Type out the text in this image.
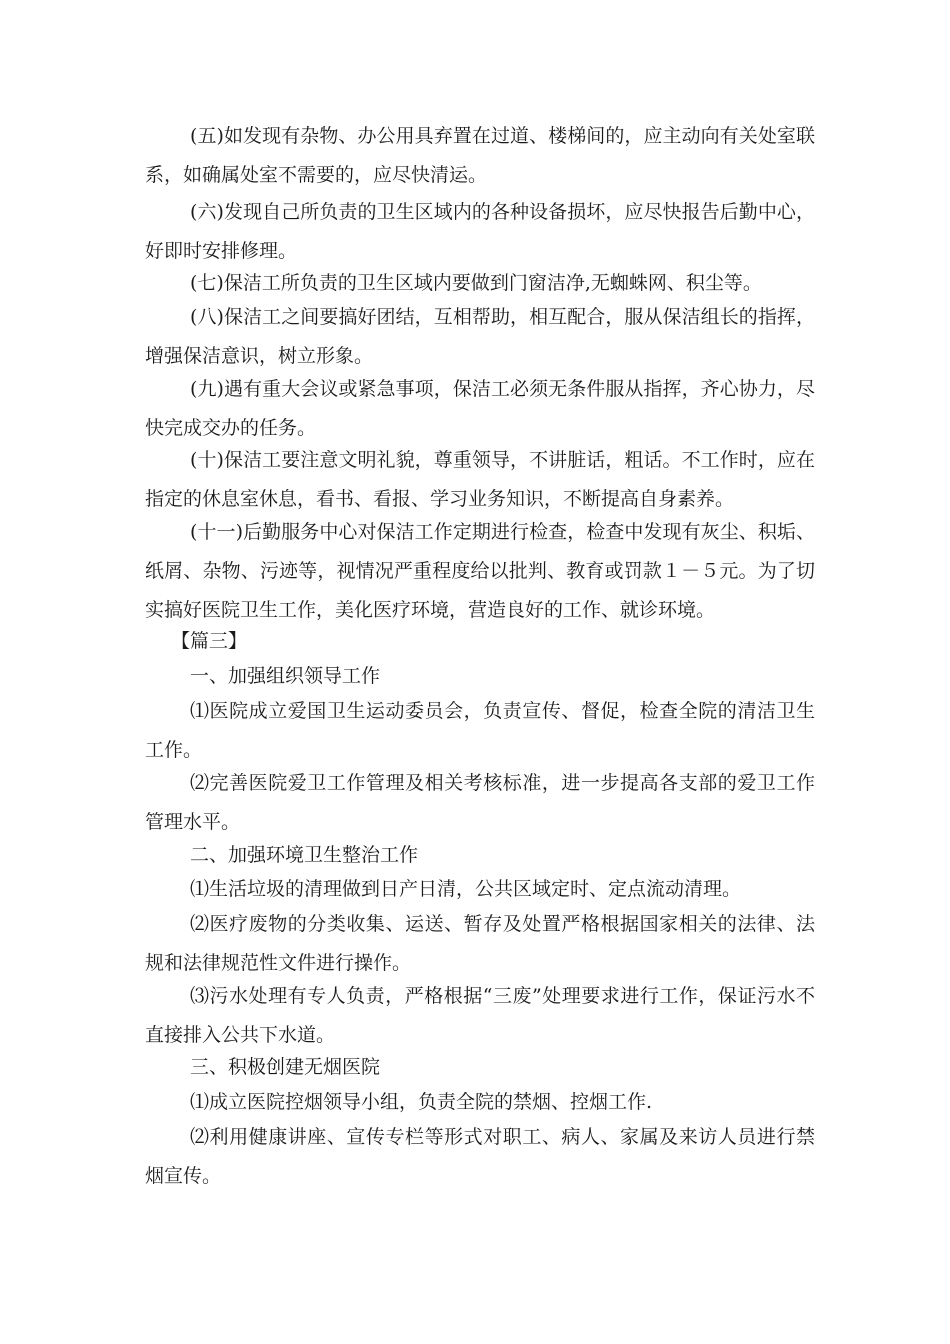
(五)如发现有杂物、办公用具弃置在过道、楼梯间的，应主动向有关处室联系，如确属处室不需要的，应尽快清运。

(六)发现自己所负责的卫生区域内的各种设备损坏，应尽快报告后勤中心，好即时安排修理。

(七)保洁工所负责的卫生区域内要做到门窗洁净,无蜘蛛网、积尘等。

(八)保洁工之间要搞好团结，互相帮助，相互配合，服从保洁组长的指挥，增强保洁意识，树立形象。

(九)遇有重大会议或紧急事项，保洁工必须无条件服从指挥，齐心协力，尽快完成交办的任务。

(十)保洁工要注意文明礼貌，尊重领导，不讲脏话，粗话。不工作时，应在指定的休息室休息，看书、看报、学习业务知识，不断提高自身素养。

(十一)后勤服务中心对保洁工作定期进行检查，检查中发现有灰尘、积垢、纸屑、杂物、污迹等，视情况严重程度给以批判、教育或罚款１－５元。为了切实搞好医院卫生工作，美化医疗环境，营造良好的工作、就诊环境。

【篇三】

一、加强组织领导工作

⑴医院成立爱国卫生运动委员会，负责宣传、督促，检查全院的清洁卫生工作。

⑵完善医院爱卫工作管理及相关考核标准，进一步提高各支部的爱卫工作管理水平。

二、加强环境卫生整治工作

⑴生活垃圾的清理做到日产日清，公共区域定时、定点流动清理。

⑵医疗废物的分类收集、运送、暂存及处置严格根据国家相关的法律、法规和法律规范性文件进行操作。

⑶污水处理有专人负责，严格根据“三废”处理要求进行工作，保证污水不直接排入公共下水道。

三、积极创建无烟医院

⑴成立医院控烟领导小组，负责全院的禁烟、控烟工作.

⑵利用健康讲座、宣传专栏等形式对职工、病人、家属及来访人员进行禁烟宣传。
